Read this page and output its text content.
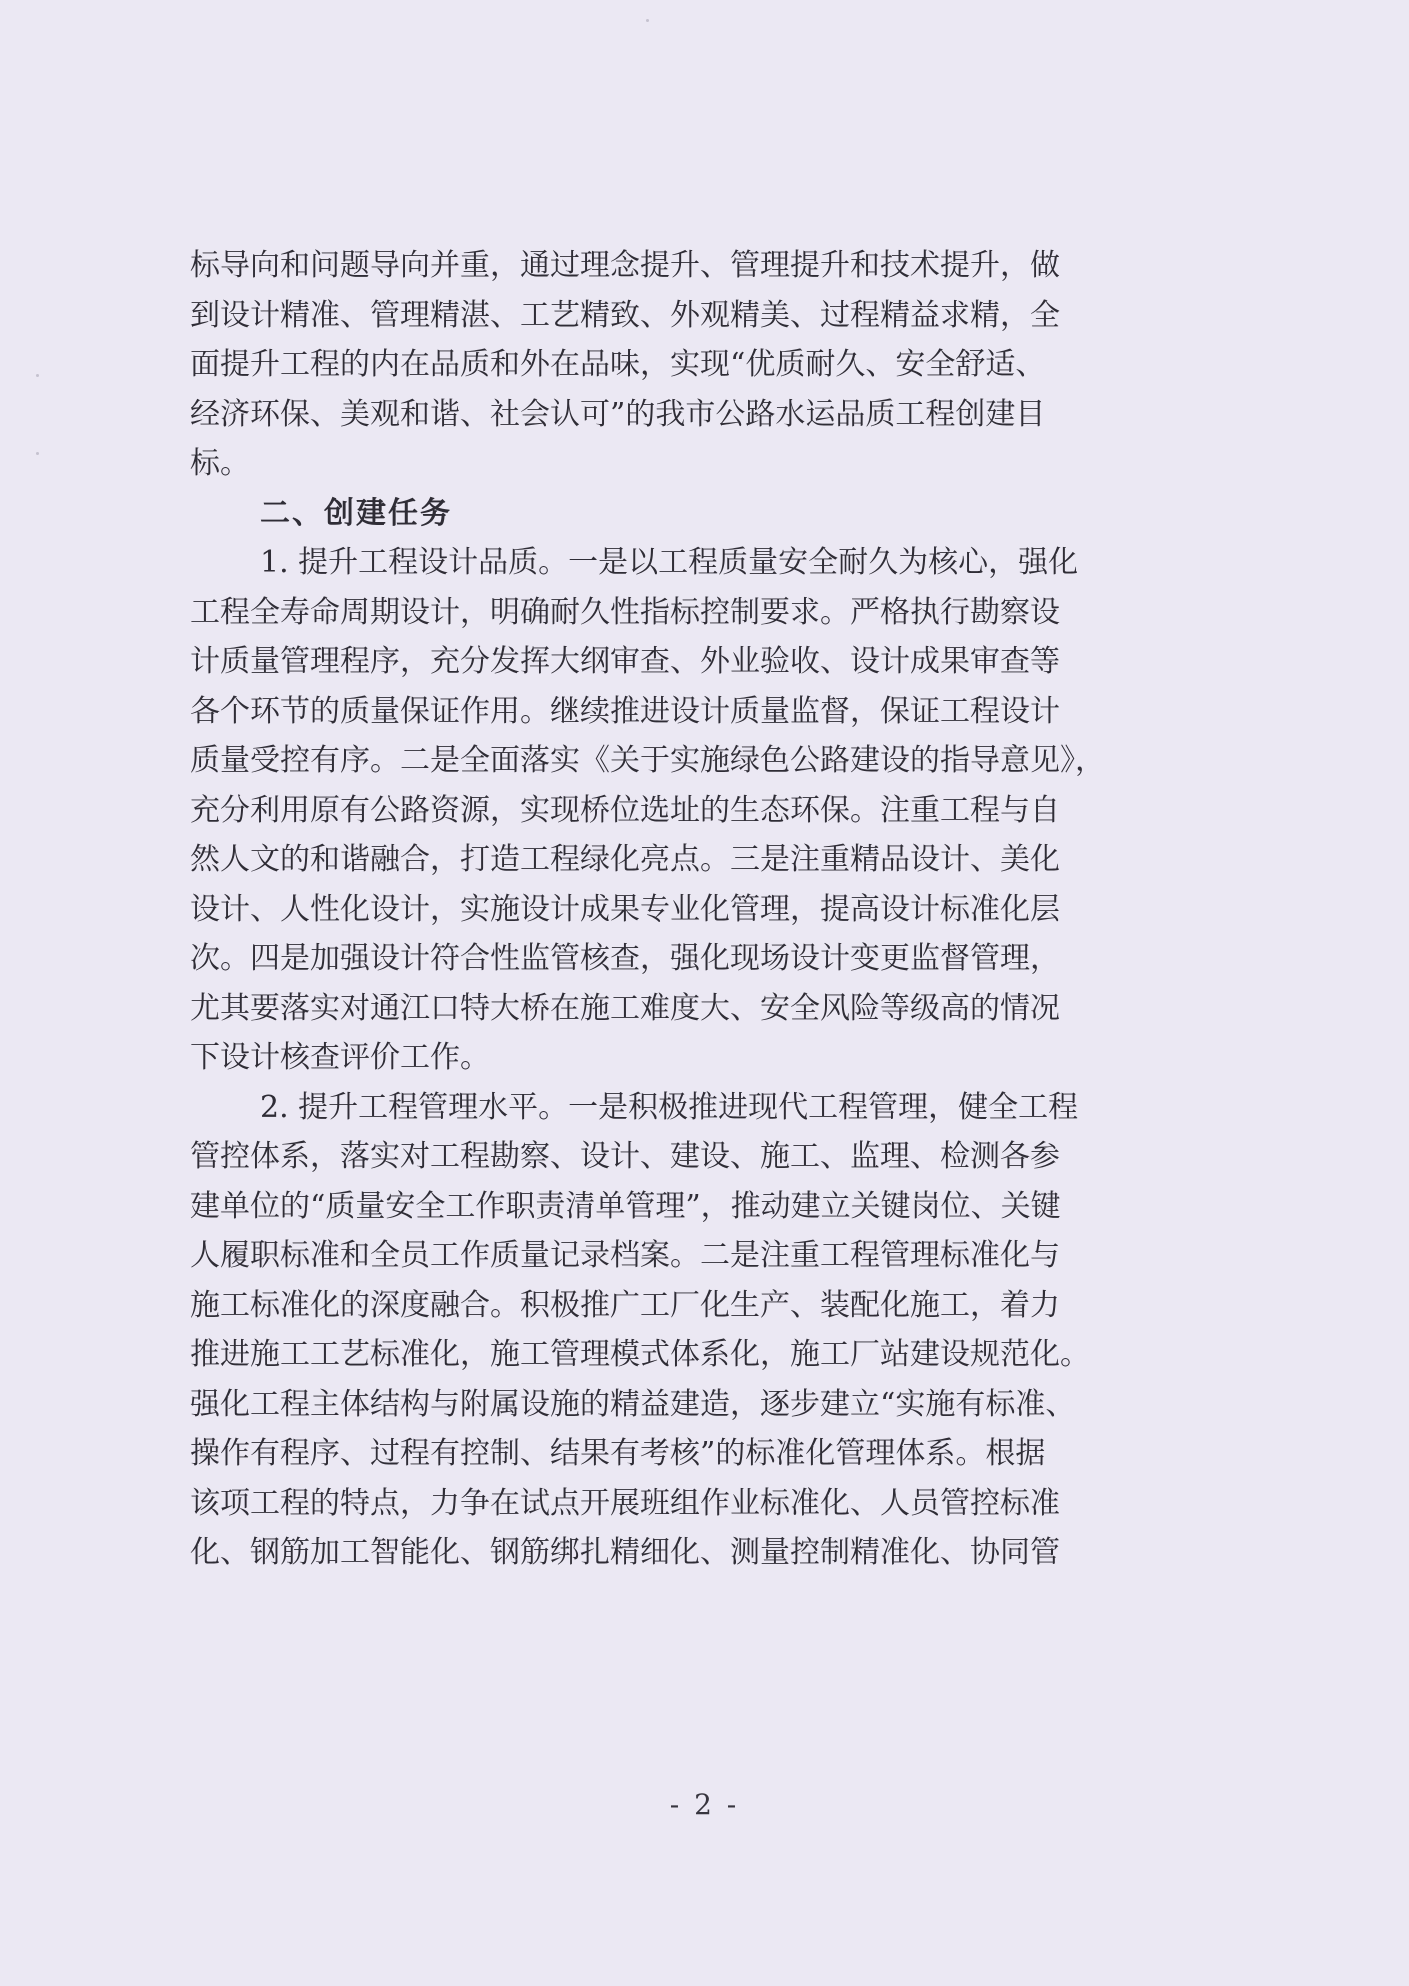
标导向和问题导向并重，通过理念提升、管理提升和技术提升，做
到设计精准、管理精湛、工艺精致、外观精美、过程精益求精，全
面提升工程的内在品质和外在品味，实现“优质耐久、安全舒适、
经济环保、美观和谐、社会认可”的我市公路水运品质工程创建目
标。
二、创建任务
1. 提升工程设计品质。一是以工程质量安全耐久为核心，强化
工程全寿命周期设计，明确耐久性指标控制要求。严格执行勘察设
计质量管理程序，充分发挥大纲审查、外业验收、设计成果审查等
各个环节的质量保证作用。继续推进设计质量监督，保证工程设计
质量受控有序。二是全面落实《关于实施绿色公路建设的指导意见》，
充分利用原有公路资源，实现桥位选址的生态环保。注重工程与自
然人文的和谐融合，打造工程绿化亮点。三是注重精品设计、美化
设计、人性化设计，实施设计成果专业化管理，提高设计标准化层
次。四是加强设计符合性监管核查，强化现场设计变更监督管理，
尤其要落实对通江口特大桥在施工难度大、安全风险等级高的情况
下设计核查评价工作。
2. 提升工程管理水平。一是积极推进现代工程管理，健全工程
管控体系，落实对工程勘察、设计、建设、施工、监理、检测各参
建单位的“质量安全工作职责清单管理”，推动建立关键岗位、关键
人履职标准和全员工作质量记录档案。二是注重工程管理标准化与
施工标准化的深度融合。积极推广工厂化生产、装配化施工，着力
推进施工工艺标准化，施工管理模式体系化，施工厂站建设规范化。
强化工程主体结构与附属设施的精益建造，逐步建立“实施有标准、
操作有程序、过程有控制、结果有考核”的标准化管理体系。根据
该项工程的特点，力争在试点开展班组作业标准化、人员管控标准
化、钢筋加工智能化、钢筋绑扎精细化、测量控制精准化、协同管
- 2 -
